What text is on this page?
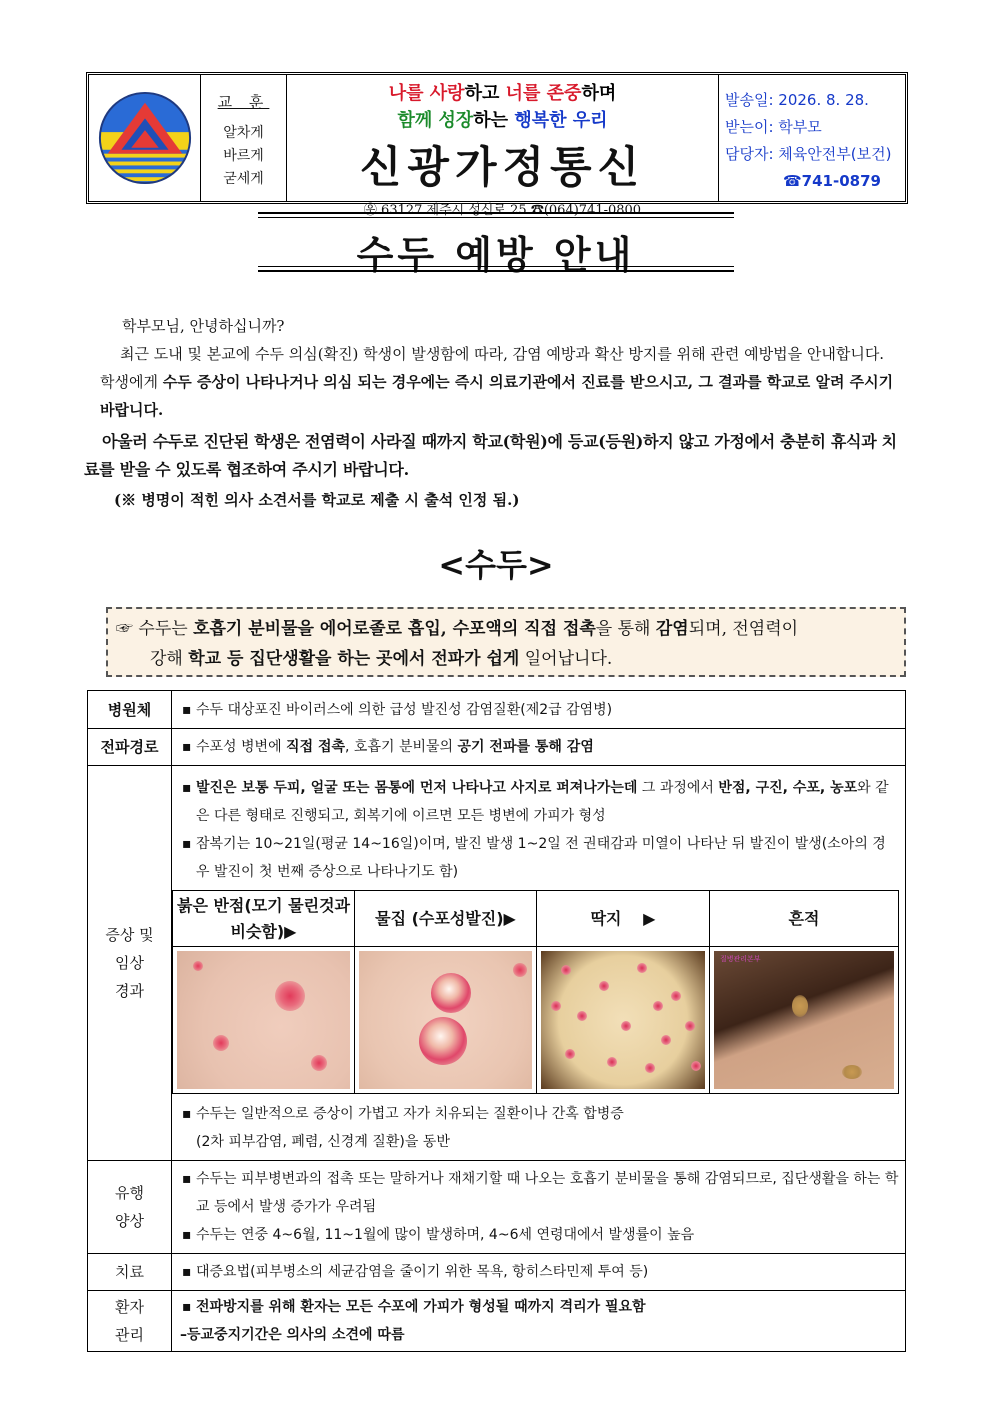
교 훈
알차게
바르게
굳세게
나를 사랑하고 너를 존중하며
함께 성장하는 행복한 우리
신광가정통신
㉾ 63127 제주시 성신로 25 ☎(064)741-0800
발송일: 2026. 8. 28.
받는이: 학부모
담당자: 체육안전부(보건)
☎741-0879
수두 예방 안내

학부모님, 안녕하십니까?

최근 도내 및 본교에 수두 의심(확진) 학생이 발생함에 따라, 감염 예방과 확산 방지를 위해 관련 예방법을 안내합니다. 학생에게 수두 증상이 나타나거나 의심 되는 경우에는 즉시 의료기관에서 진료를 받으시고, 그 결과를 학교로 알려 주시기 바랍니다.

아울러 수두로 진단된 학생은 전염력이 사라질 때까지 학교(학원)에 등교(등원)하지 않고 가정에서 충분히 휴식과 치료를 받을 수 있도록 협조하여 주시기 바랍니다.

(※ 병명이 적힌 의사 소견서를 학교로 제출 시 출석 인정 됨.)

<수두>
☞ 수두는 호흡기 분비물을 에어로졸로 흡입, 수포액의 직접 접촉을 통해 감염되며, 전염력이
강해 학교 등 집단생활을 하는 곳에서 전파가 쉽게 일어납니다.
병원체	
▪수두 대상포진 바이러스에 의한 급성 발진성 감염질환(제2급 감염병)

전파경로	
▪수포성 병변에 직접 접촉, 호흡기 분비물의 공기 전파를 통해 감염

증상 및
임상
경과

▪ 발진은 보통 두피, 얼굴 또는 몸통에 먼저 나타나고 사지로 퍼져나가는데 그 과정에서 반점, 구진, 수포, 농포와 같은 다른 형태로 진행되고, 회복기에 이르면 모든 병변에 가피가 형성
▪ 잠복기는 10~21일(평균 14~16일)이며, 발진 발생 1~2일 전 권태감과 미열이 나타난 뒤 발진이 발생(소아의 경우 발진이 첫 번째 증상으로 나타나기도 함)
붉은 반점(모기 물린것과 비슷함)▶	물집 (수포성발진)▶	딱지　 ▶	흔적

질병관리본부
▪ 수두는 일반적으로 증상이 가볍고 자가 치유되는 질환이나 간혹 합병증
(2차 피부감염, 폐렴, 신경계 질환)을 동반

유행
양상

▪ 수두는 피부병변과의 접촉 또는 말하거나 재채기할 때 나오는 호흡기 분비물을 통해 감염되므로, 집단생활을 하는 학교 등에서 발생 증가가 우려됨
▪ 수두는 연중 4~6월, 11~1월에 많이 발생하며, 4~6세 연령대에서 발생률이 높음

치료	
▪대증요법(피부병소의 세균감염을 줄이기 위한 목욕, 항히스타민제 투여 등)

환자
관리

▪ 전파방지를 위해 환자는 모든 수포에 가피가 형성될 때까지 격리가 필요함
–등교중지기간은 의사의 소견에 따름
